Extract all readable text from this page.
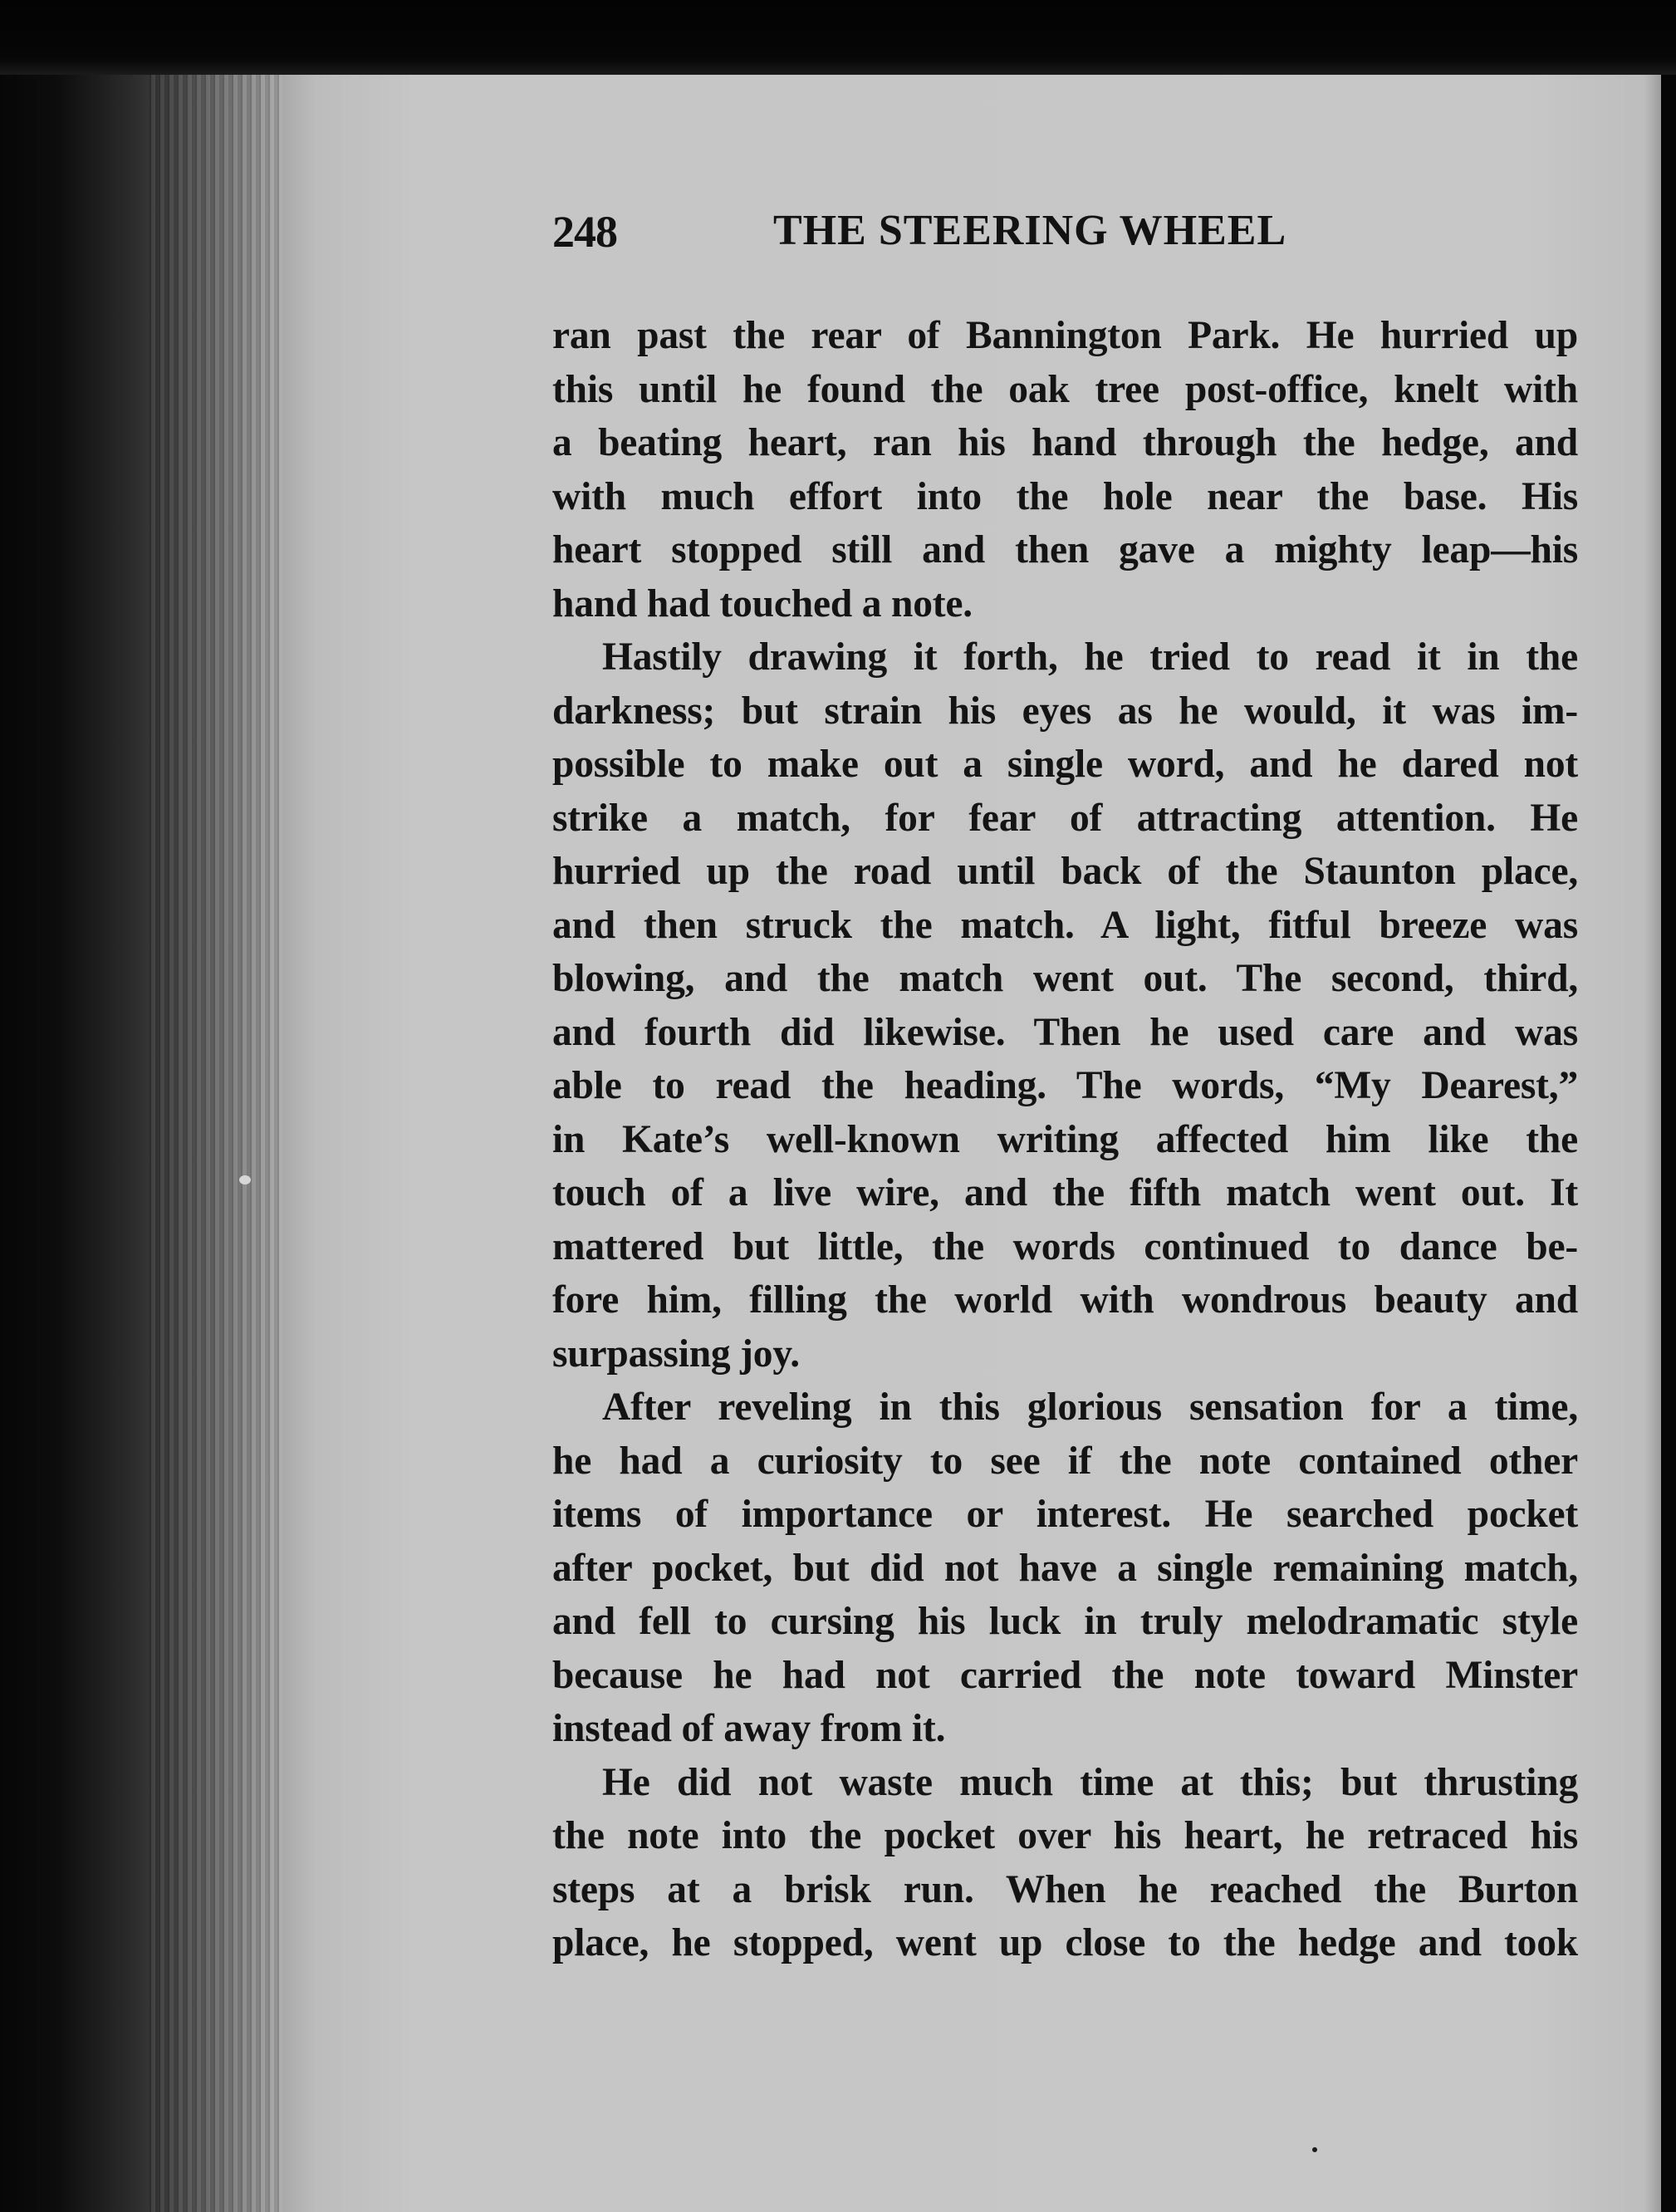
248	THE STEERING WHEEL
ran past the rear of Bannington Park. He hurried up
this until he found the oak tree post-office, knelt with
a beating heart, ran his hand through the hedge, and
with much effort into the hole near the base. His
heart stopped still and then gave a mighty leap—his
hand had touched a note.
Hastily drawing it forth, he tried to read it in the
darkness; but strain his eyes as he would, it was im-
possible to make out a single word, and he dared not
strike a match, for fear of attracting attention. He
hurried up the road until back of the Staunton place,
and then struck the match. A light, fitful breeze was
blowing, and the match went out. The second, third,
and fourth did likewise. Then he used care and was
able to read the heading. The words, “My Dearest,”
in Kate’s well-known writing affected him like the
touch of a live wire, and the fifth match went out. It
mattered but little, the words continued to dance be-
fore him, filling the world with wondrous beauty and
surpassing joy.
After reveling in this glorious sensation for a time,
he had a curiosity to see if the note contained other
items of importance or interest. He searched pocket
after pocket, but did not have a single remaining match,
and fell to cursing his luck in truly melodramatic style
because he had not carried the note toward Minster
instead of away from it.
He did not waste much time at this; but thrusting
the note into the pocket over his heart, he retraced his
steps at a brisk run. When he reached the Burton
place, he stopped, went up close to the hedge and took
